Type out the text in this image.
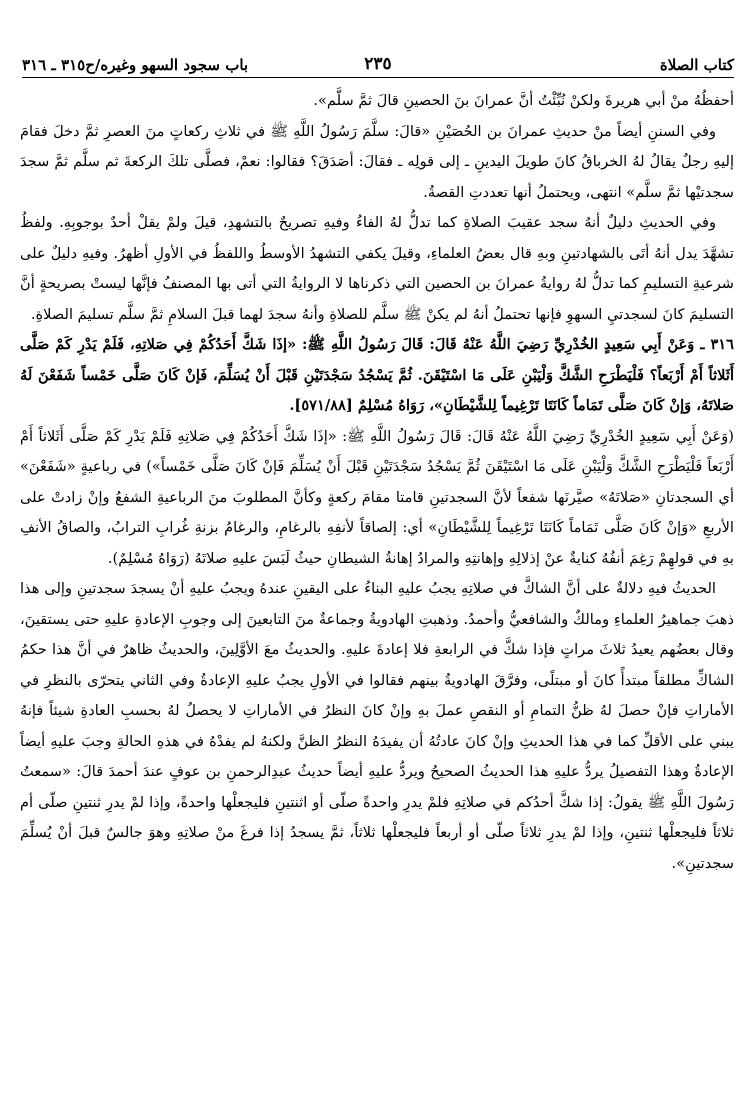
كتاب الصلاة
٢٣٥
باب سجود السهو وغيره/ح٣١٥ ـ ٣١٦

أحفظُهُ منْ أبي هريرةَ ولكنْ نُبِّئْتُ أنَّ عمرانَ بنَ الحصينِ قالَ ثمَّ سلَّم».

وفي السننِ أيضاً منْ حديثِ عمرانَ بن الحُصَيْنِ «قالَ: سلَّمَ رَسُولُ اللَّهِ ﷺ في ثلاثِ ركعاتٍ منَ العصرِ ثمَّ دخلَ فقامَ إليهِ رجلٌ يقالُ لهُ الخرباقُ كانَ طويلَ اليدينِ ـ إلى قولِه ـ فقالَ: أصَدَقَ؟ فقالوا: نعمْ، فصلَّى تلكَ الركعةَ ثم سلَّم ثمَّ سجدَ سجدتيْها ثمَّ سلَّم» انتهى، ويحتملُ أنها تعددتِ القصةُ.

وفي الحديثِ دليلٌ أنهُ سجد عقيبَ الصلاةِ كما تدلُّ لهُ الفاءُ وفيهِ تصريحٌ بالتشهدِ، قيلَ ولمْ يقلْ أحدٌ بوجوبِهِ. ولفظُ تشهَّدَ يدل أنهُ أتَى بالشهادتينِ وبهِ قال بعضُ العلماءِ، وقيلَ يكفي التشهدُ الأوسطُ واللفظُ في الأولِ أظهرُ. وفيهِ دليلٌ على شرعيةِ التسليمِ كما تدلُّ لهُ روايةُ عمرانَ بن الحصين التي ذكرناها لا الروايةُ التي أتى بها المصنفُ فإنَّها ليستْ بصريحةٍ أنَّ التسليمَ كانَ لسجدتيِ السهوِ فإنها تحتملُ أنهُ لم يكنْ ﷺ سلَّم للصلاةِ وأنهُ سجدَ لهما قبلَ السلامِ ثمَّ سلَّم تسليمَ الصلاةِ.

٣١٦ ـ وَعَنْ أَبِي سَعِيدٍ الخُدْرِيِّ رَضِيَ اللَّهُ عَنْهُ قَالَ: قَالَ رَسُولُ اللَّهِ ﷺ: «إذَا شَكَّ أَحَدُكُمْ فِي صَلاتِهِ، فَلَمْ يَدْرِ كَمْ صَلَّى أَثَلاثاً أَمْ أَرْبَعاً؟ فَلْيَطْرَحِ الشَّكَّ وَلْيَبْنِ عَلَى مَا اسْتَيْقَنَ. ثُمَّ يَسْجُدُ سَجْدَتَيْنِ قَبْلَ أَنْ يُسَلِّمَ، فَإنْ كَانَ صَلَّى خَمْساً شَفَعْنَ لَهُ صَلاتَهُ، وَإنْ كَانَ صَلَّى تَمَاماً كَانَتَا تَرْغِيماً لِلشَّيْطَانِ»، رَوَاهُ مُسْلِمٌ [٥٧١/٨٨].

(وَعَنْ أَبِي سَعِيدٍ الخُدْرِيِّ رَضِيَ اللَّهُ عَنْهُ قَالَ: قَالَ رَسُولُ اللَّهِ ﷺ: «إذَا شَكَّ أَحَدُكُمْ فِي صَلاتِهِ فَلَمْ يَدْرِ كَمْ صَلَّى أَثَلاثاً أَمْ أَرْبَعاً فَلْيَطْرَحِ الشَّكَّ وَلْيَبْنِ عَلَى مَا اسْتَيْقَنَ ثُمَّ يَسْجُدُ سَجْدَتَيْنِ قَبْلَ أَنْ يُسَلِّمَ فَإنْ كَانَ صَلَّى خَمْساً») في رباعيةٍ «شَفَعْنَ» أي السجدتانِ «صَلاتَهُ» صيَّرنَها شفعاً لأنَّ السجدتينِ قامتا مقامَ ركعةٍ وكأنَّ المطلوبَ منَ الرباعيةِ الشفعُ وإنْ زادتْ على الأربعِ «وَإنْ كَانَ صَلَّى تَمَاماً كَانَتَا تَرْغِيماً لِلشَّيْطَانِ» أي: إلصاقاً لأنفِهِ بالرغامِ، والرغامُ بزنةِ غُرابِ الترابُ، والصاقُ الأنفِ بهِ في قولهِمْ رَغِمَ أنفُهُ كنايةٌ عنْ إذلالِهِ وإهانتِهِ والمرادُ إهانةُ الشيطانِ حيثُ لَبَسَ عليهِ صلاتَهُ (رَوَاهُ مُسْلِمٌ).

الحديثُ فيهِ دلالةٌ على أنَّ الشاكَّ في صلاتِهِ يجبُ عليهِ البناءُ على اليقينِ عندهُ ويجبُ عليهِ أنْ يسجدَ سجدتينِ وإلى هذا ذهبَ جماهيرُ العلماءِ ومالكٌ والشافعيُّ وأحمدُ. وذهبتِ الهادويةُ وجماعةٌ منَ التابعينَ إلى وجوبِ الإعادةِ عليهِ حتى يستقينَ، وقال بعضُهم يعيدُ ثلاثَ مراتٍ فإذا شكَّ في الرابعةِ فلا إعادةَ عليهِ. والحديثُ معَ الأوَّلِينَ، والحديثُ ظاهرٌ في أنَّ هذا حكمُ الشاكِّ مطلقاً مبتدأً كانَ أو مبتلًى، وفرَّقَ الهادويةُ بينهم فقالوا في الأولِ يجبُ عليهِ الإعادةُ وفي الثاني يتحرّى بالنظرِ في الأماراتِ فإنْ حصلَ لهُ ظنُّ التمامِ أو النقصِ عملَ بهِ وإنْ كانَ النظرُ في الأماراتِ لا يحصلُ لهُ بحسبِ العادةِ شيئاً فإنهُ يبني على الأقلِّ كما في هذا الحديثِ وإنْ كانَ عادتُهُ أن يفيدَهُ النظرُ الظنَّ ولكنهُ لم يفدْهُ في هذهِ الحالةِ وجبَ عليهِ أيضاً الإعادةُ وهذا التفصيلُ يردُّ عليهِ هذا الحديثُ الصحيحُ ويردُّ عليهِ أيضاً حديثُ عبدِالرحمنِ بن عوفٍ عندَ أحمدَ قالَ: «سمعتُ رَسُولَ اللَّهِ ﷺ يقولُ: إذا شكَّ أحدُكم في صلاتِهِ فلمْ يدرِ واحدةً صلّى أو اثنتينِ فليجعلْها واحدةً، وإذا لمْ يدرِ ثنتينِ صلّى أم ثلاثاً فليجعلْها ثنتينِ، وإذا لمْ يدرِ ثلاثاً صلّى أو أربعاً فليجعلْها ثلاثاً، ثمَّ يسجدُ إذا فرغَ منْ صلاتِهِ وهوَ جالسٌ قبلَ أنْ يُسلِّمَ سجدتينِ».
